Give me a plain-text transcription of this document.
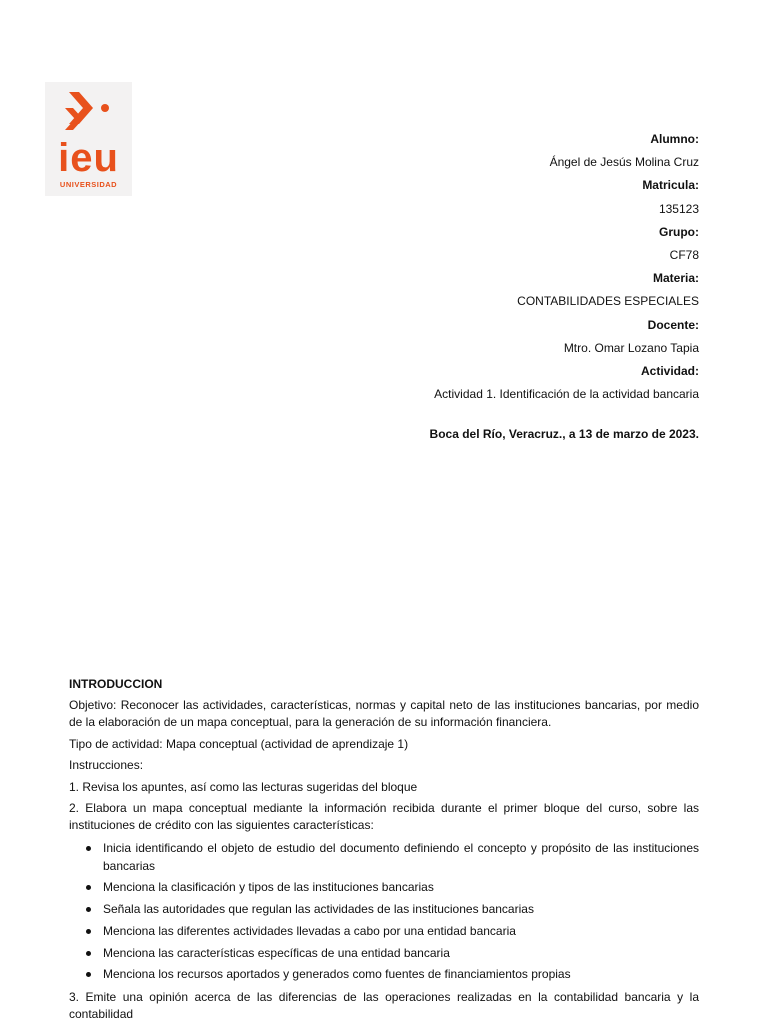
ieu
UNIVERSIDAD
Alumno:
Ángel de Jesús Molina Cruz
Matricula:
135123
Grupo:
CF78
Materia:
CONTABILIDADES ESPECIALES
Docente:
Mtro. Omar Lozano Tapia
Actividad:
Actividad 1. Identificación de la actividad bancaria
Boca del Río, Veracruz., a 13 de marzo de 2023.
INTRODUCCION

Objetivo: Reconocer las actividades, características, normas y capital neto de las instituciones bancarias, por medio de la elaboración de un mapa conceptual, para la generación de su información financiera.

Tipo de actividad: Mapa conceptual (actividad de aprendizaje 1)

Instrucciones:

1. Revisa los apuntes, así como las lecturas sugeridas del bloque

2. Elabora un mapa conceptual mediante la información recibida durante el primer bloque del curso, sobre las instituciones de crédito con las siguientes características:

Inicia identificando el objeto de estudio del documento definiendo el concepto y propósito de las instituciones bancarias
Menciona la clasificación y tipos de las instituciones bancarias
Señala las autoridades que regulan las actividades de las instituciones bancarias
Menciona las diferentes actividades llevadas a cabo por una entidad bancaria
Menciona las características específicas de una entidad bancaria
Menciona los recursos aportados y generados como fuentes de financiamientos propias

3. Emite una opinión acerca de las diferencias de las operaciones realizadas en la contabilidad bancaria y la contabilidad
